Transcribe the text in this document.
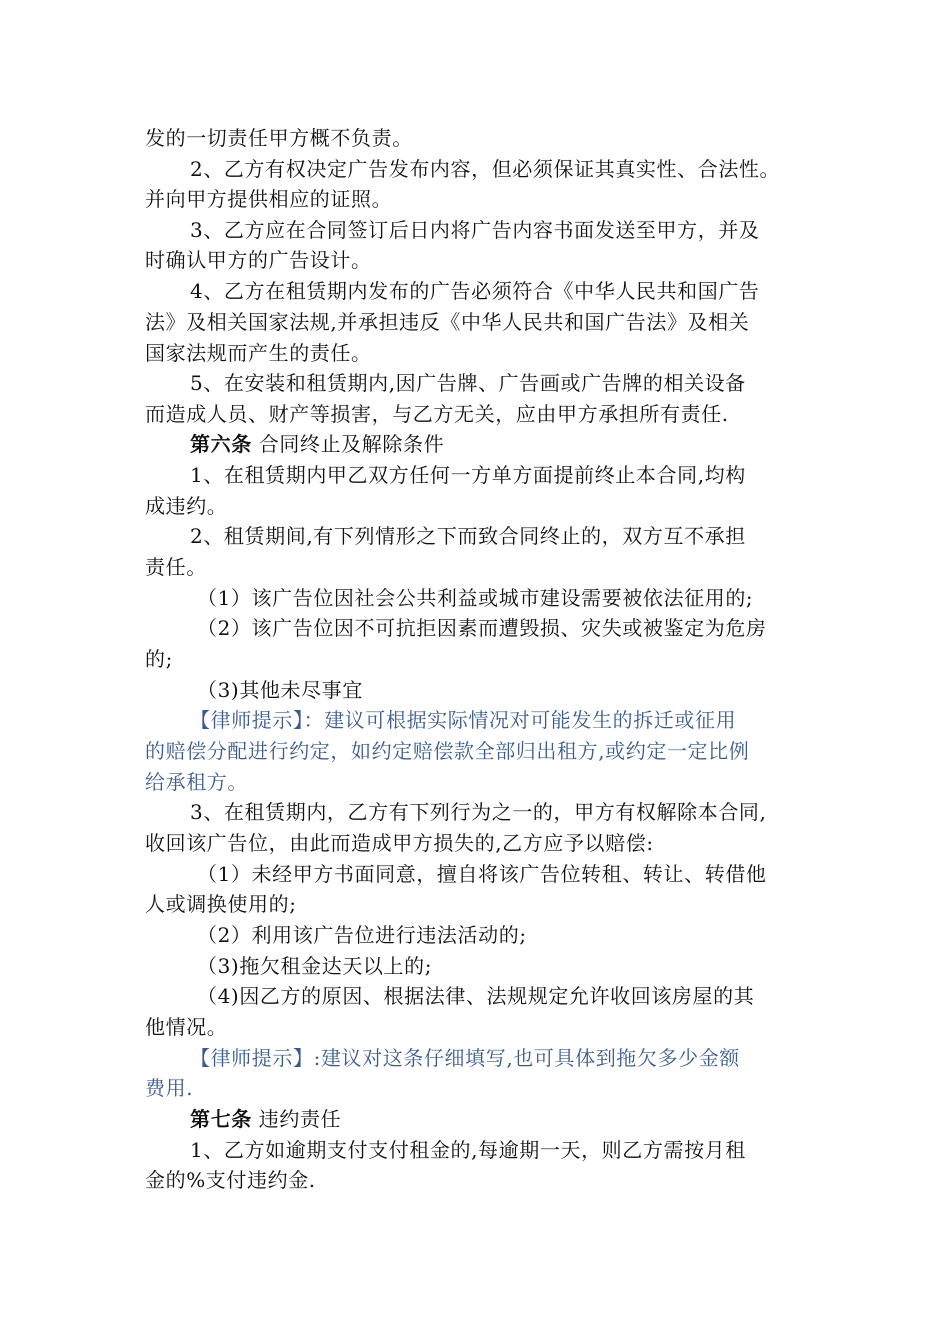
发的一切责任甲方概不负责。
2、乙方有权决定广告发布内容，但必须保证其真实性、合法性。
并向甲方提供相应的证照。
3、乙方应在合同签订后日内将广告内容书面发送至甲方，并及
时确认甲方的广告设计。
4、乙方在租赁期内发布的广告必须符合《中华人民共和国广告
法》及相关国家法规,并承担违反《中华人民共和国广告法》及相关
国家法规而产生的责任。
5、在安装和租赁期内,因广告牌、广告画或广告牌的相关设备
而造成人员、财产等损害，与乙方无关，应由甲方承担所有责任.
第六条 合同终止及解除条件
1、在租赁期内甲乙双方任何一方单方面提前终止本合同,均构
成违约。
2、租赁期间,有下列情形之下而致合同终止的，双方互不承担
责任。
（1）该广告位因社会公共利益或城市建设需要被依法征用的;
（2）该广告位因不可抗拒因素而遭毁损、灾失或被鉴定为危房
的;
（3)其他未尽事宜
【律师提示】：建议可根据实际情况对可能发生的拆迁或征用
的赔偿分配进行约定，如约定赔偿款全部归出租方,或约定一定比例
给承租方。
3、在租赁期内，乙方有下列行为之一的，甲方有权解除本合同,
收回该广告位，由此而造成甲方损失的,乙方应予以赔偿:
（1）未经甲方书面同意，擅自将该广告位转租、转让、转借他
人或调换使用的;
（2）利用该广告位进行违法活动的;
（3)拖欠租金达天以上的;
（4)因乙方的原因、根据法律、法规规定允许收回该房屋的其
他情况。
【律师提示】:建议对这条仔细填写,也可具体到拖欠多少金额
费用.
第七条 违约责任
1、乙方如逾期支付支付租金的,每逾期一天，则乙方需按月租
金的%支付违约金.
